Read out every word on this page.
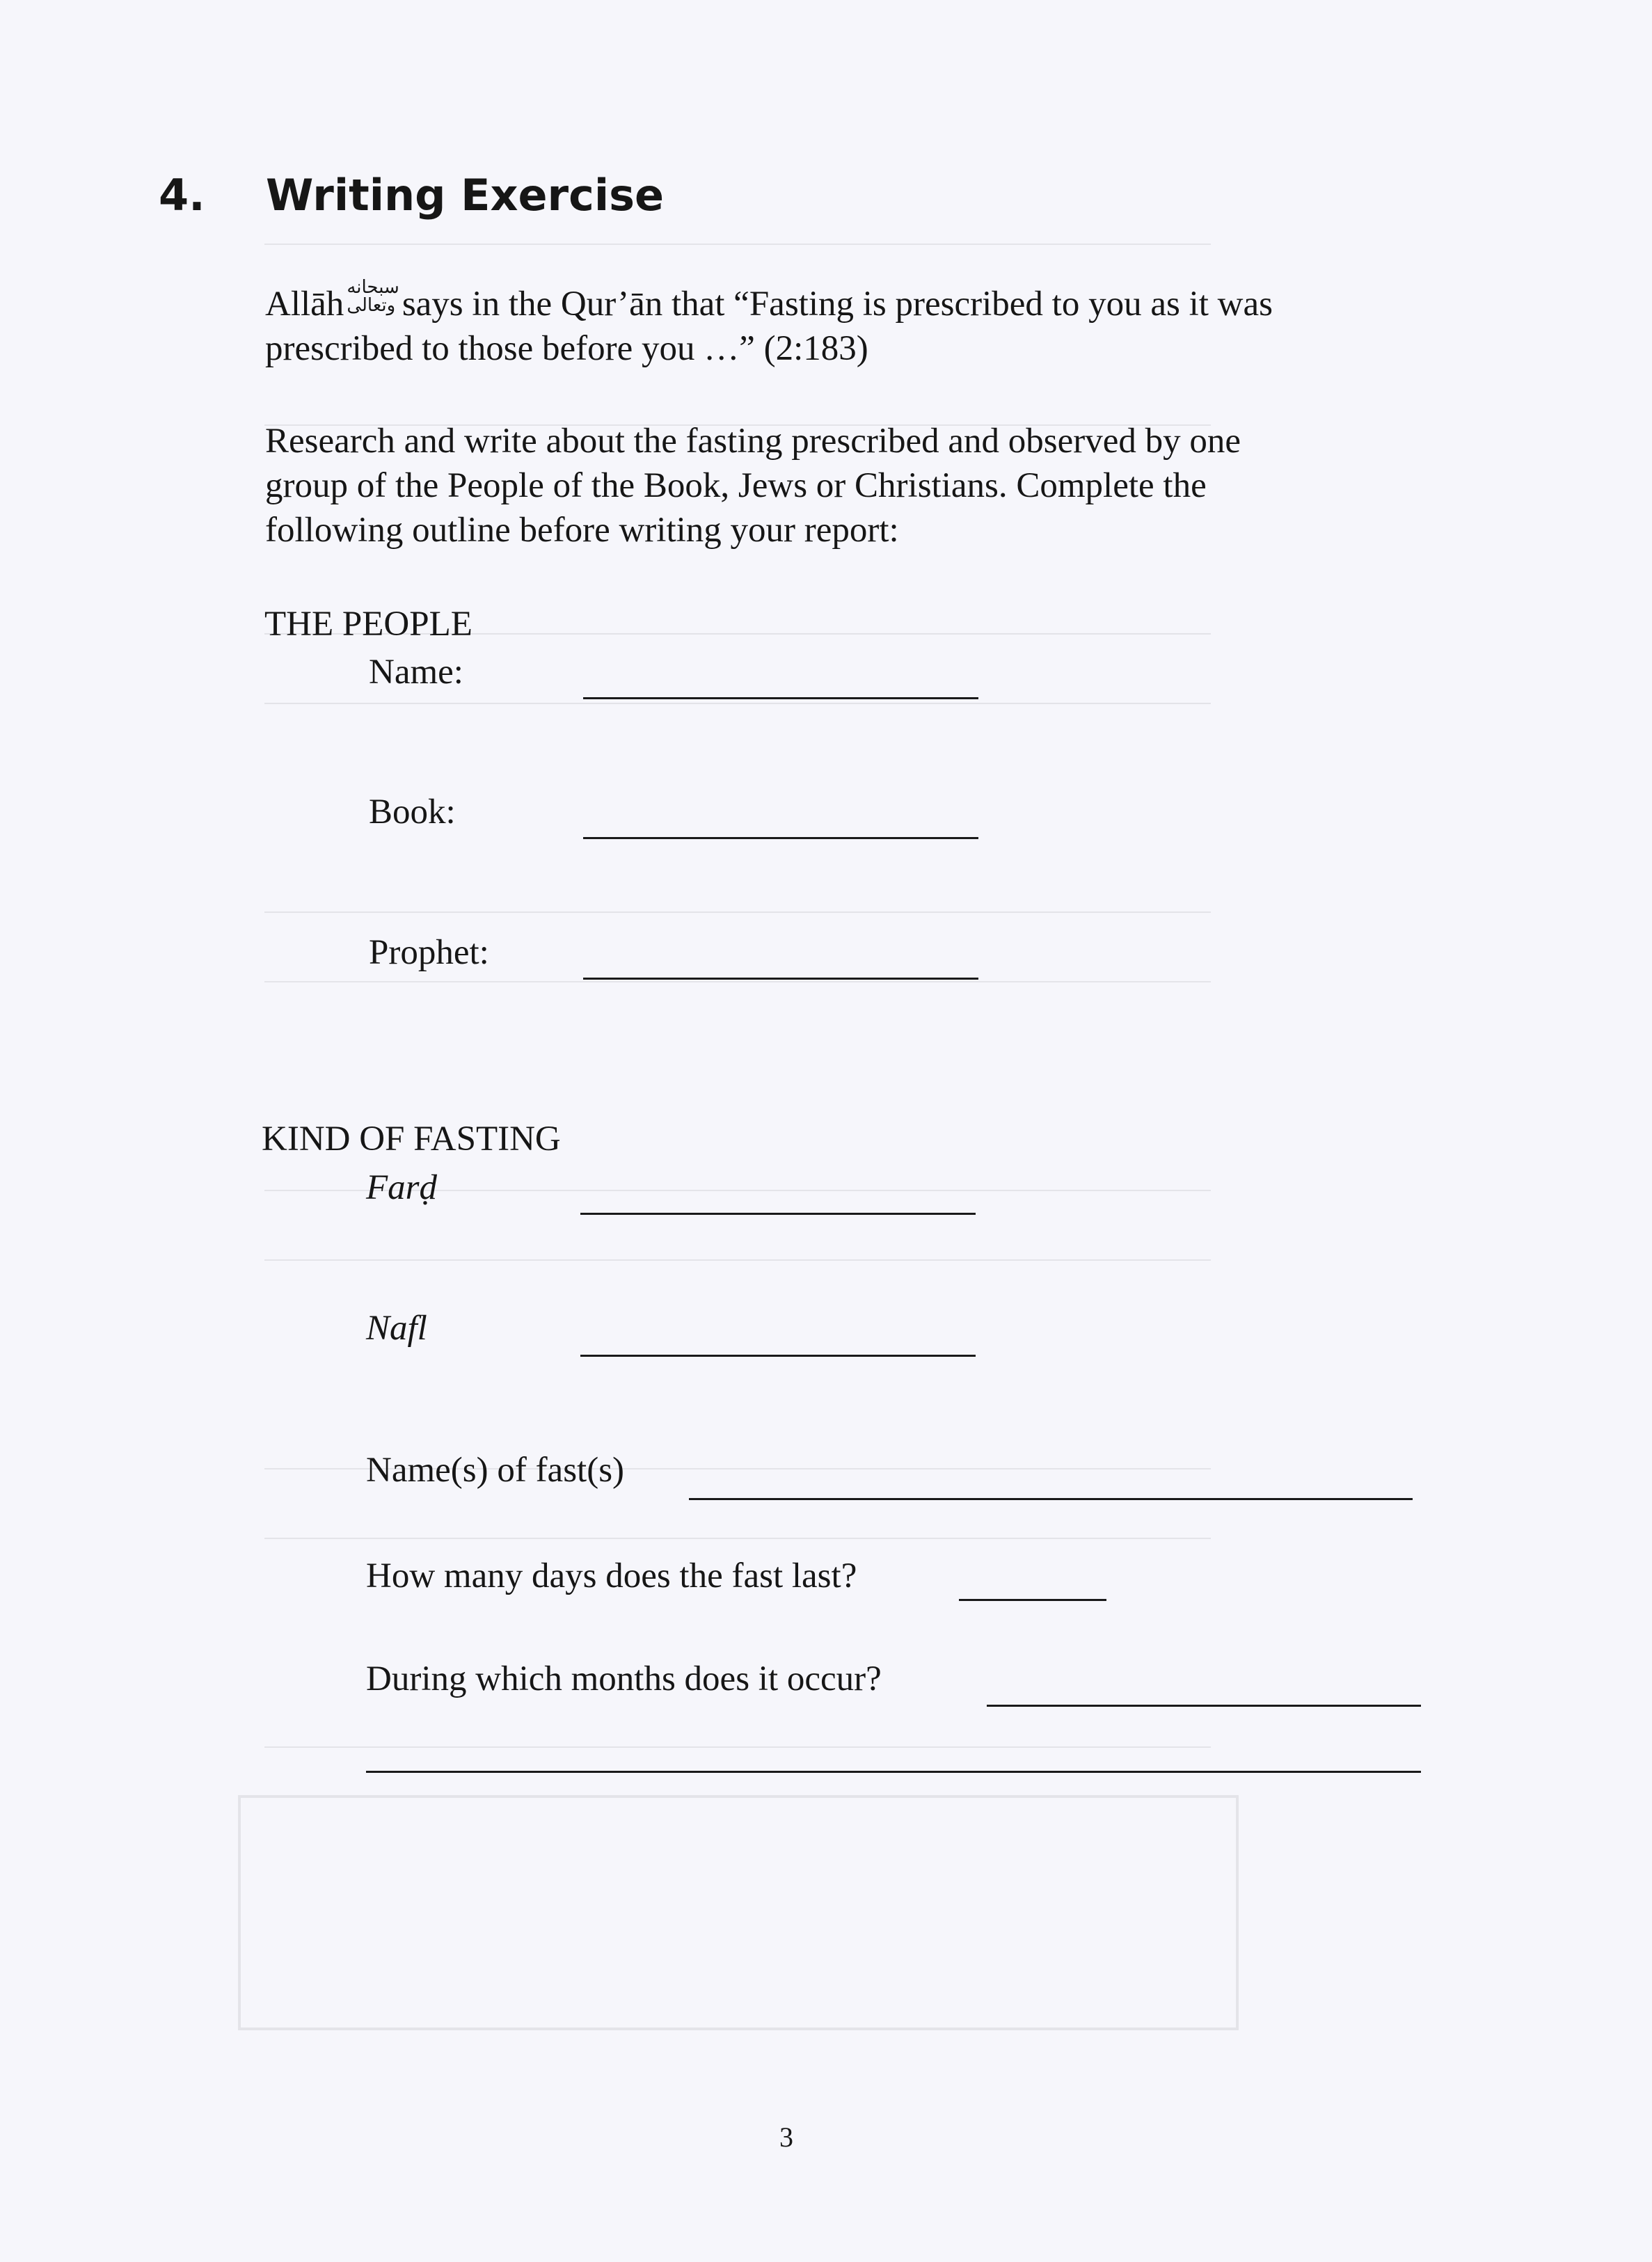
4. Writing Exercise
Allāh سبحانه
وتعالى says in the Qur’ān that “Fasting is prescribed to you as it was
prescribed to those before you …” (2:183)
Research and write about the fasting prescribed and observed by one
group of the People of the Book, Jews or Christians. Complete the
following outline before writing your report:
THE PEOPLE
Name:
Book:
Prophet:
KIND OF FASTING
Farḍ
Nafl
Name(s) of fast(s)
How many days does the fast last?
During which months does it occur?
3
